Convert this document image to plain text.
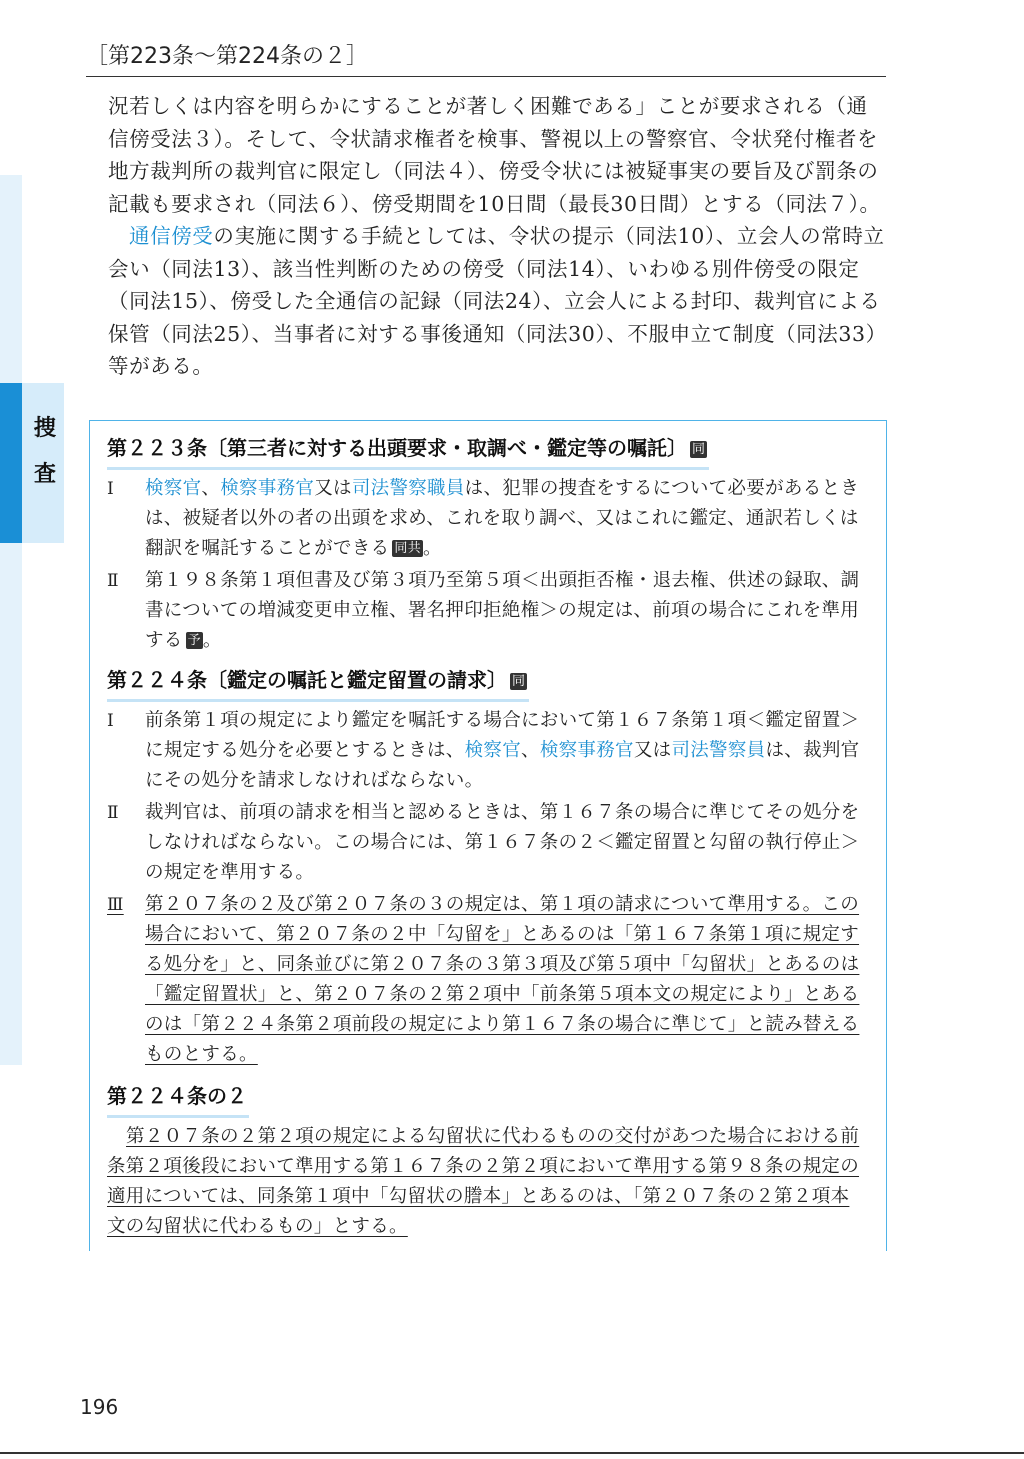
［第223条～第224条の２］
捜
査

況若しくは内容を明らかにすることが著しく困難である」ことが要求される（通信傍受法３）。そして、令状請求権者を検事、警視以上の警察官、令状発付権者を地方裁判所の裁判官に限定し（同法４）、傍受令状には被疑事実の要旨及び罰条の記載も要求され（同法６）、傍受期間を10日間（最長30日間）とする（同法７）。

通信傍受の実施に関する手続としては、令状の提示（同法10）、立会人の常時立会い（同法13）、該当性判断のための傍受（同法14）、いわゆる別件傍受の限定（同法15）、傍受した全通信の記録（同法24）、立会人による封印、裁判官による保管（同法25）、当事者に対する事後通知（同法30）、不服申立て制度（同法33）等がある。

第２２３条〔第三者に対する出頭要求・取調べ・鑑定等の嘱託〕 同
Ⅰ	検察官、検察事務官又は司法警察職員は、犯罪の捜査をするについて必要があるときは、被疑者以外の者の出頭を求め、これを取り調べ、又はこれに鑑定、通訳若しくは翻訳を嘱託することができる 同共 。
Ⅱ	第１９８条第１項但書及び第３項乃至第５項＜出頭拒否権・退去権、供述の録取、調書についての増減変更申立権、署名押印拒絶権＞の規定は、前項の場合にこれを準用する 予 。
第２２４条〔鑑定の嘱託と鑑定留置の請求〕 同
Ⅰ	前条第１項の規定により鑑定を嘱託する場合において第１６７条第１項＜鑑定留置＞に規定する処分を必要とするときは、検察官、検察事務官又は司法警察員は、裁判官にその処分を請求しなければならない。
Ⅱ	裁判官は、前項の請求を相当と認めるときは、第１６７条の場合に準じてその処分をしなければならない。この場合には、第１６７条の２＜鑑定留置と勾留の執行停止＞の規定を準用する。
Ⅲ	第２０７条の２及び第２０７条の３の規定は、第１項の請求について準用する。この場合において、第２０７条の２中「勾留を」とあるのは「第１６７条第１項に規定する処分を」と、同条並びに第２０７条の３第３項及び第５項中「勾留状」とあるのは「鑑定留置状」と、第２０７条の２第２項中「前条第５項本文の規定により」とあるのは「第２２４条第２項前段の規定により第１６７条の場合に準じて」と読み替えるものとする。
第２２４条の２
第２０７条の２第２項の規定による勾留状に代わるものの交付があつた場合における前条第２項後段において準用する第１６７条の２第２項において準用する第９８条の規定の適用については、同条第１項中「勾留状の謄本」とあるのは、「第２０７条の２第２項本文の勾留状に代わるもの」とする。
196
